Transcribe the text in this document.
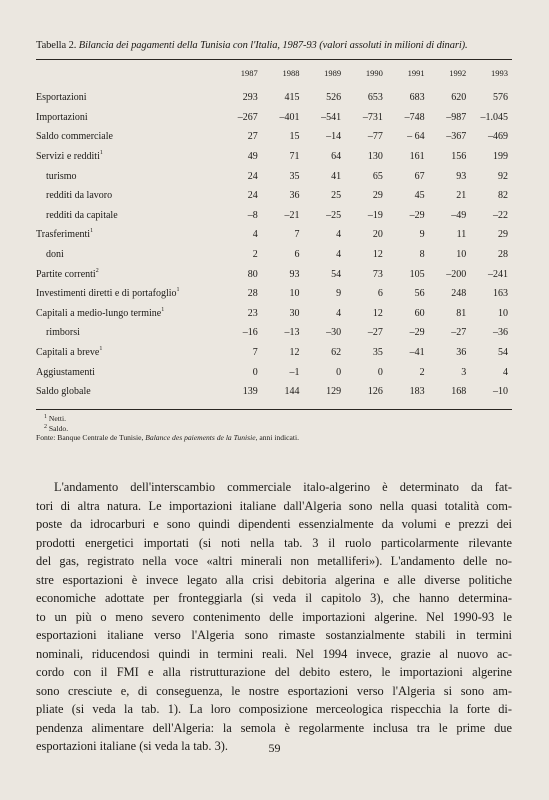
Tabella 2. Bilancia dei pagamenti della Tunisia con l'Italia, 1987-93 (valori assoluti in milioni di dinari).
	1987	1988	1989	1990	1991	1992	1993
Esportazioni	293	415	526	653	683	620	576
Importazioni	–267	–401	–541	–731	–748	–987	–1.045
Saldo commerciale	27	15	–14	–77	– 64	–367	–469
Servizi e redditi$^1$	49	71	64	130	161	156	199
turismo	24	35	41	65	67	93	92
redditi da lavoro	24	36	25	29	45	21	82
redditi da capitale	–8	–21	–25	–19	–29	–49	–22
Trasferimenti$^1$	4	7	4	20	9	11	29
doni	2	6	4	12	8	10	28
Partite correnti$^2$	80	93	54	73	105	–200	–241
Investimenti diretti e di portafoglio$^1$	28	10	9	6	56	248	163
Capitali a medio-lungo termine$^1$	23	30	4	12	60	81	10
rimborsi	–16	–13	–30	–27	–29	–27	–36
Capitali a breve$^1$	7	12	62	35	–41	36	54
Aggiustamenti	0	–1	0	0	2	3	4
Saldo globale	139	144	129	126	183	168	–10
$^1$ Netti.
$^2$ Saldo.
Fonte: Banque Centrale de Tunisie, Balance des paiements de la Tunisie, anni indicati.
L'andamento dell'interscambio commerciale italo-algerino è determinato da fat-
tori di altra natura. Le importazioni italiane dall'Algeria sono nella quasi totalità com-
poste da idrocarburi e sono quindi dipendenti essenzialmente da volumi e prezzi dei
prodotti energetici importati (si noti nella tab. 3 il ruolo particolarmente rilevante
del gas, registrato nella voce «altri minerali non metalliferi»). L'andamento delle no-
stre esportazioni è invece legato alla crisi debitoria algerina e alle diverse politiche
economiche adottate per fronteggiarla (si veda il capitolo 3), che hanno determina-
to un più o meno severo contenimento delle importazioni algerine. Nel 1990-93 le
esportazioni italiane verso l'Algeria sono rimaste sostanzialmente stabili in termini
nominali, riducendosi quindi in termini reali. Nel 1994 invece, grazie al nuovo ac-
cordo con il FMI e alla ristrutturazione del debito estero, le importazioni algerine
sono cresciute e, di conseguenza, le nostre esportazioni verso l'Algeria si sono am-
pliate (si veda la tab. 1). La loro composizione merceologica rispecchia la forte di-
pendenza alimentare dell'Algeria: la semola è regolarmente inclusa tra le prime due
esportazioni italiane (si veda la tab. 3).	59
